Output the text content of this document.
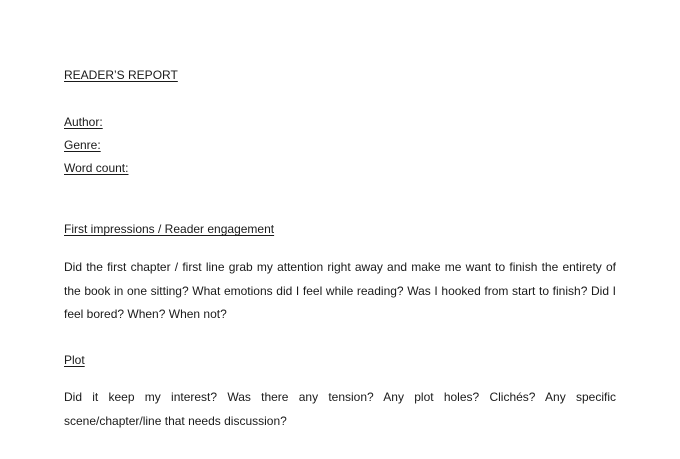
READER’S REPORT
Author:
Genre:
Word count:
First impressions / Reader engagement

Did the first chapter / first line grab my attention right away and make me want to finish the entirety of the book in one sitting? What emotions did I feel while reading? Was I hooked from start to finish? Did I feel bored? When? When not?

Plot

Did it keep my interest? Was there any tension? Any plot holes? Clichés? Any specific scene/chapter/line that needs discussion?
